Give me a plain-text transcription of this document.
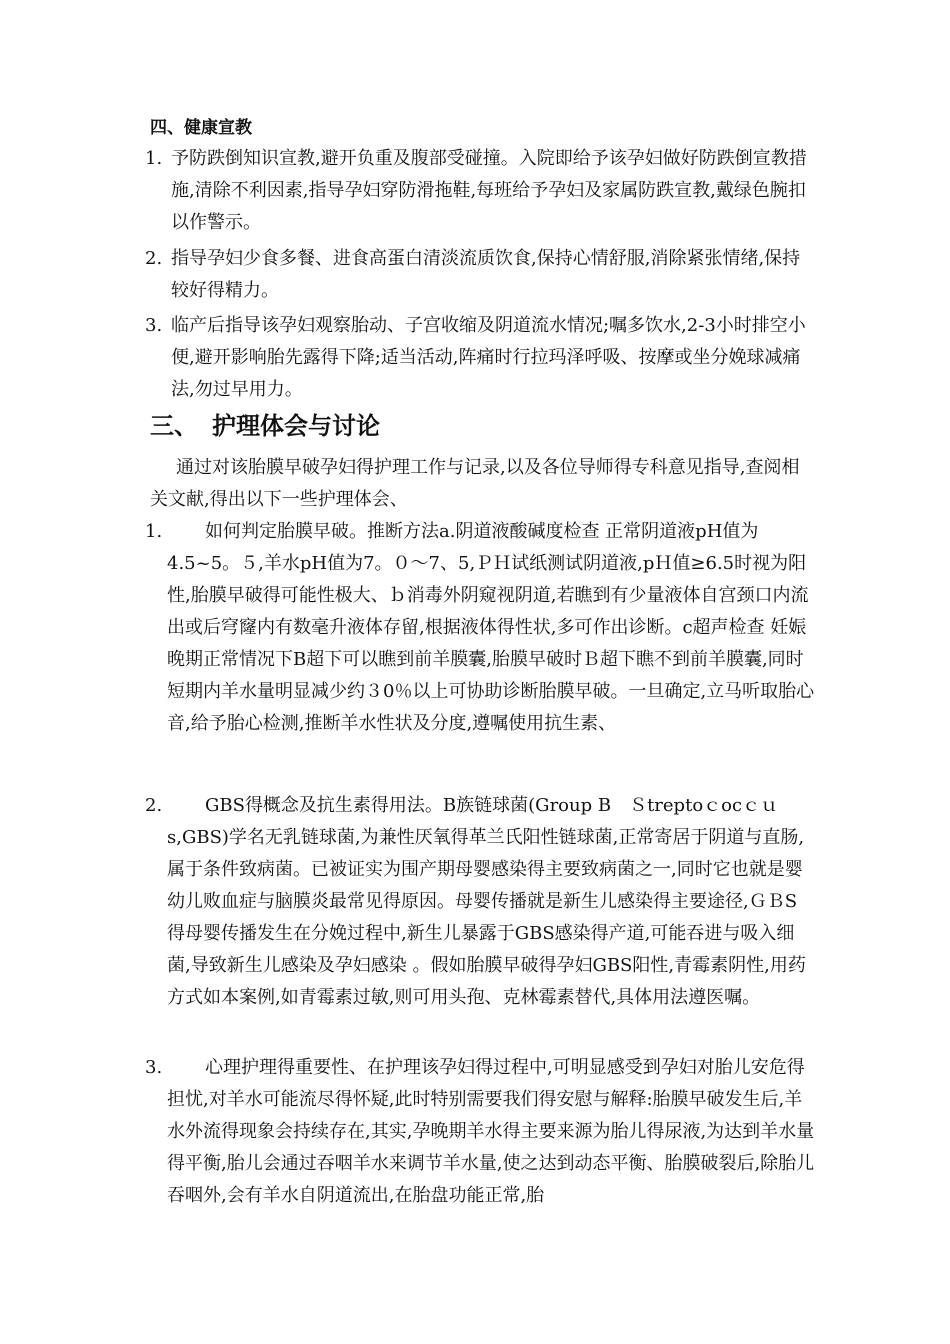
四、健康宣教
1. 予防跌倒知识宣教,避开负重及腹部受碰撞。入院即给予该孕妇做好防跌倒宣教措施,清除不利因素,指导孕妇穿防滑拖鞋,每班给予孕妇及家属防跌宣教,戴绿色腕扣以作警示。
2. 指导孕妇少食多餐、进食高蛋白清淡流质饮食,保持心情舒服,消除紧张情绪,保持较好得精力。
3. 临产后指导该孕妇观察胎动、子宫收缩及阴道流水情况;嘱多饮水,2-3小时排空小便,避开影响胎先露得下降;适当活动,阵痛时行拉玛泽呼吸、按摩或坐分娩球减痛法,勿过早用力。
三、 护理体会与讨论
通过对该胎膜早破孕妇得护理工作与记录,以及各位导师得专科意见指导,查阅相关文献,得出以下一些护理体会、
1.	如何判定胎膜早破。推断方法a.阴道液酸碱度检查 正常阴道液pH值为4.5~5。５,羊水pH值为7。０～7、5,ＰＨ试纸测试阴道液,pＨ值≥6.5时视为阳性,胎膜早破得可能性极大、ｂ消毒外阴窥视阴道,若瞧到有少量液体自宫颈口内流出或后穹窿内有数毫升液体存留,根据液体得性状,多可作出诊断。c超声检查 妊娠晚期正常情况下B超下可以瞧到前羊膜囊,胎膜早破时Ｂ超下瞧不到前羊膜囊,同时短期内羊水量明显减少约３0％以上可协助诊断胎膜早破。一旦确定,立马听取胎心音,给予胎心检测,推断羊水性状及分度,遵嘱使用抗生素、
2.	GBS得概念及抗生素得用法。B族链球菌(Group B　Ｓtreptoｃocｃｕs,GBS)学名无乳链球菌,为兼性厌氧得革兰氏阳性链球菌,正常寄居于阴道与直肠,属于条件致病菌。已被证实为围产期母婴感染得主要致病菌之一,同时它也就是婴幼儿败血症与脑膜炎最常见得原因。母婴传播就是新生儿感染得主要途径,ＧＢS得母婴传播发生在分娩过程中,新生儿暴露于GBS感染得产道,可能吞进与吸入细菌,导致新生儿感染及孕妇感染 。假如胎膜早破得孕妇GBS阳性,青霉素阴性,用药方式如本案例,如青霉素过敏,则可用头孢、克林霉素替代,具体用法遵医嘱。
3.	心理护理得重要性、在护理该孕妇得过程中,可明显感受到孕妇对胎儿安危得担忧,对羊水可能流尽得怀疑,此时特别需要我们得安慰与解释:胎膜早破发生后,羊水外流得现象会持续存在,其实,孕晚期羊水得主要来源为胎儿得尿液,为达到羊水量得平衡,胎儿会通过吞咽羊水来调节羊水量,使之达到动态平衡、胎膜破裂后,除胎儿吞咽外,会有羊水自阴道流出,在胎盘功能正常,胎
